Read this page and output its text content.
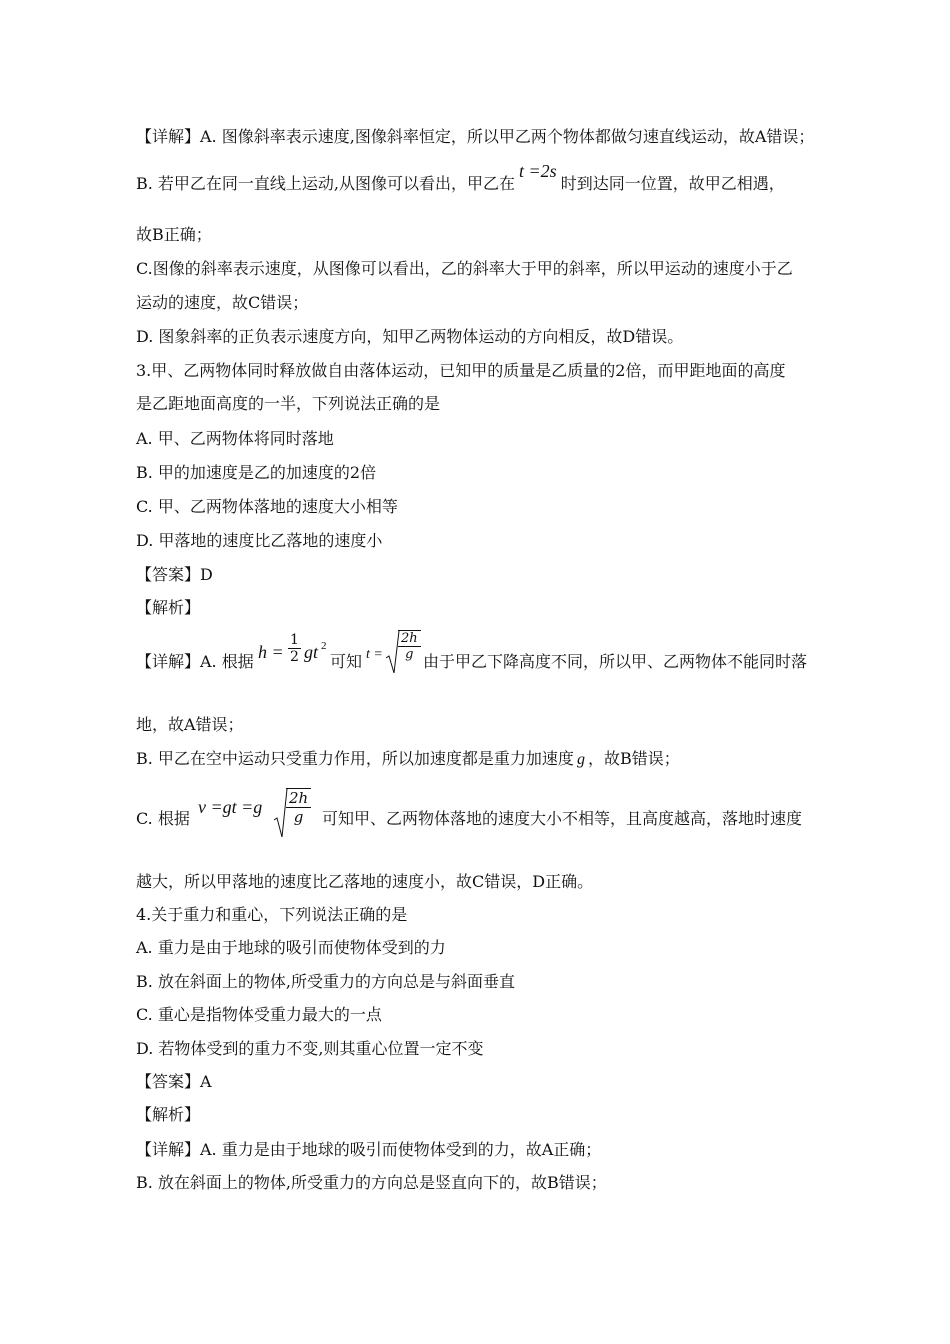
【详解】A. 图像斜率表示速度,图像斜率恒定，所以甲乙两个物体都做匀速直线运动，故A错误；
B. 若甲乙在同一直线上运动,从图像可以看出，甲乙在t =2s时到达同一位置，故甲乙相遇，
故B正确；
C.图像的斜率表示速度，从图像可以看出，乙的斜率大于甲的斜率，所以甲运动的速度小于乙
运动的速度，故C错误；
D. 图象斜率的正负表示速度方向，知甲乙两物体运动的方向相反，故D错误。
3.甲、乙两物体同时释放做自由落体运动，已知甲的质量是乙质量的2倍，而甲距地面的高度
是乙距地面高度的一半，下列说法正确的是
A. 甲、乙两物体将同时落地
B. 甲的加速度是乙的加速度的2倍
C. 甲、乙两物体落地的速度大小相等
D. 甲落地的速度比乙落地的速度小
【答案】D
【解析】
【详解】A. 根据 $h = \frac{1}{2}$ gt 2
可知 $t = \frac{2h}{g}$ 由于甲乙下降高度不同，所以甲、乙两物体不能同时落
地，故A错误；
B. 甲乙在空中运动只受重力作用，所以加速度都是重力加速度 g ，故B错误；
C. 根据
$v =gt =g \frac{2h}{g}$ 可知甲、乙两物体落地的速度大小不相等，且高度越高，落地时速度
越大，所以甲落地的速度比乙落地的速度小，故C错误，D正确。
4.关于重力和重心，下列说法正确的是
A. 重力是由于地球的吸引而使物体受到的力
B. 放在斜面上的物体,所受重力的方向总是与斜面垂直
C. 重心是指物体受重力最大的一点
D. 若物体受到的重力不变,则其重心位置一定不变
【答案】A
【解析】
【详解】A. 重力是由于地球的吸引而使物体受到的力，故A正确；
B. 放在斜面上的物体,所受重力的方向总是竖直向下的，故B错误；
